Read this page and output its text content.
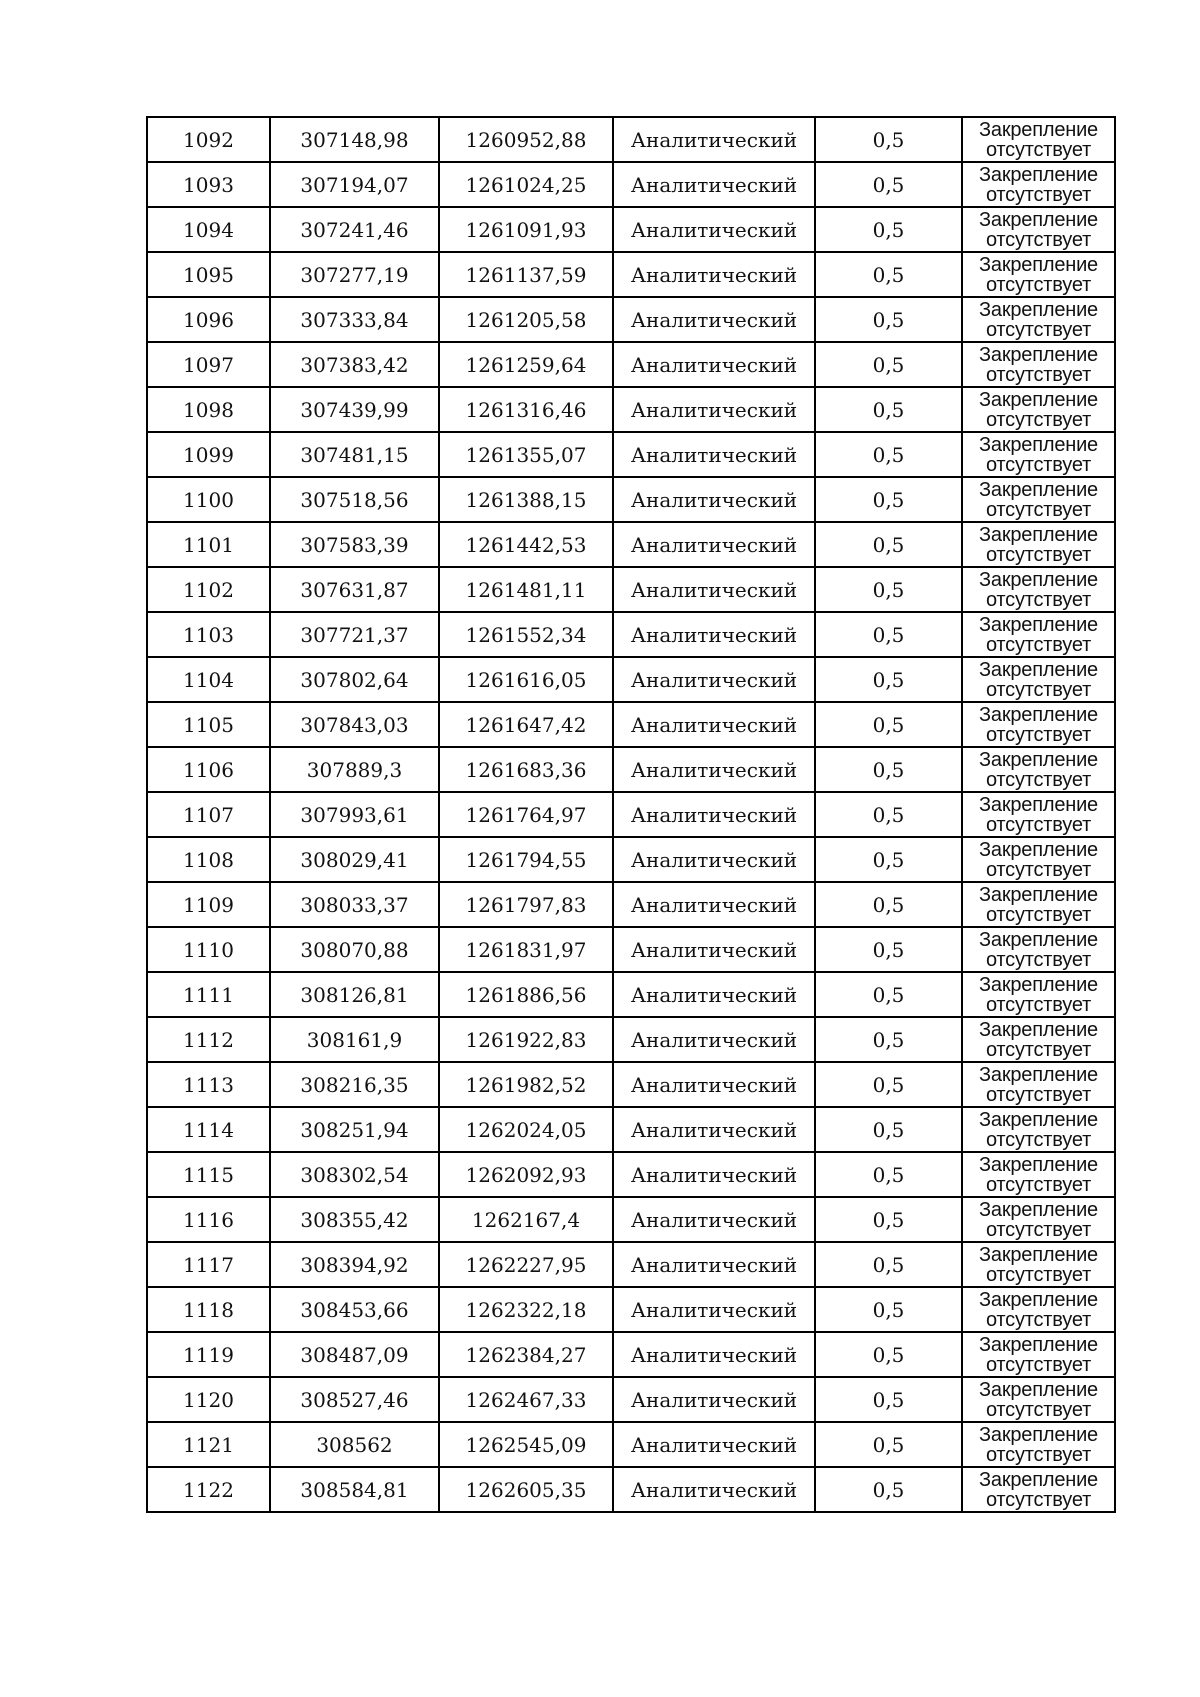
1092	307148,98	1260952,88	Аналитический	0,5	Закрепление
отсутствует

1093	307194,07	1261024,25	Аналитический	0,5	Закрепление
отсутствует

1094	307241,46	1261091,93	Аналитический	0,5	Закрепление
отсутствует

1095	307277,19	1261137,59	Аналитический	0,5	Закрепление
отсутствует

1096	307333,84	1261205,58	Аналитический	0,5	Закрепление
отсутствует

1097	307383,42	1261259,64	Аналитический	0,5	Закрепление
отсутствует

1098	307439,99	1261316,46	Аналитический	0,5	Закрепление
отсутствует

1099	307481,15	1261355,07	Аналитический	0,5	Закрепление
отсутствует

1100	307518,56	1261388,15	Аналитический	0,5	Закрепление
отсутствует

1101	307583,39	1261442,53	Аналитический	0,5	Закрепление
отсутствует

1102	307631,87	1261481,11	Аналитический	0,5	Закрепление
отсутствует

1103	307721,37	1261552,34	Аналитический	0,5	Закрепление
отсутствует

1104	307802,64	1261616,05	Аналитический	0,5	Закрепление
отсутствует

1105	307843,03	1261647,42	Аналитический	0,5	Закрепление
отсутствует

1106	307889,3	1261683,36	Аналитический	0,5	Закрепление
отсутствует

1107	307993,61	1261764,97	Аналитический	0,5	Закрепление
отсутствует

1108	308029,41	1261794,55	Аналитический	0,5	Закрепление
отсутствует

1109	308033,37	1261797,83	Аналитический	0,5	Закрепление
отсутствует

1110	308070,88	1261831,97	Аналитический	0,5	Закрепление
отсутствует

1111	308126,81	1261886,56	Аналитический	0,5	Закрепление
отсутствует

1112	308161,9	1261922,83	Аналитический	0,5	Закрепление
отсутствует

1113	308216,35	1261982,52	Аналитический	0,5	Закрепление
отсутствует

1114	308251,94	1262024,05	Аналитический	0,5	Закрепление
отсутствует

1115	308302,54	1262092,93	Аналитический	0,5	Закрепление
отсутствует

1116	308355,42	1262167,4	Аналитический	0,5	Закрепление
отсутствует

1117	308394,92	1262227,95	Аналитический	0,5	Закрепление
отсутствует

1118	308453,66	1262322,18	Аналитический	0,5	Закрепление
отсутствует

1119	308487,09	1262384,27	Аналитический	0,5	Закрепление
отсутствует

1120	308527,46	1262467,33	Аналитический	0,5	Закрепление
отсутствует

1121	308562	1262545,09	Аналитический	0,5	Закрепление
отсутствует

1122	308584,81	1262605,35	Аналитический	0,5	Закрепление
отсутствует
